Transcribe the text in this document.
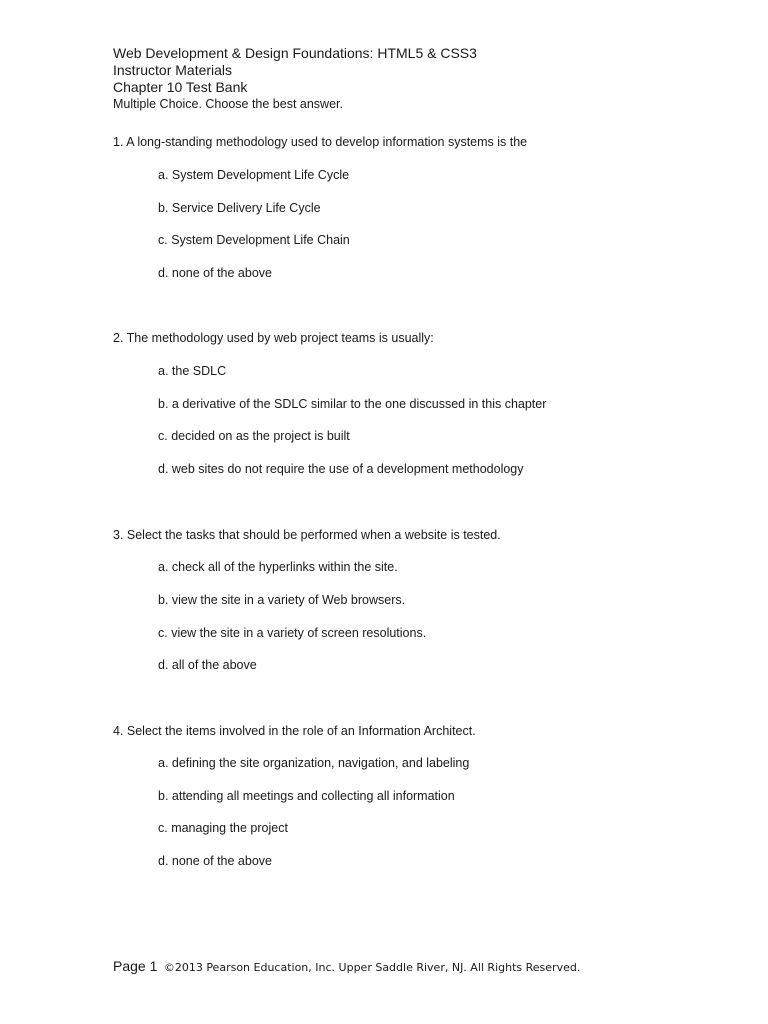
Web Development & Design Foundations: HTML5 & CSS3
Instructor Materials
Chapter 10 Test Bank
Multiple Choice. Choose the best answer.
1. A long-standing methodology used to develop information systems is the
a. System Development Life Cycle
b. Service Delivery Life Cycle
c. System Development Life Chain
d. none of the above
2. The methodology used by web project teams is usually:
a. the SDLC
b. a derivative of the SDLC similar to the one discussed in this chapter
c. decided on as the project is built
d. web sites do not require the use of a development methodology
3. Select the tasks that should be performed when a website is tested.
a. check all of the hyperlinks within the site.
b. view the site in a variety of Web browsers.
c. view the site in a variety of screen resolutions.
d. all of the above
4. Select the items involved in the role of an Information Architect.
a. defining the site organization, navigation, and labeling
b. attending all meetings and collecting all information
c. managing the project
d. none of the above
Page 1 ©2013 Pearson Education, Inc. Upper Saddle River, NJ. All Rights Reserved.
